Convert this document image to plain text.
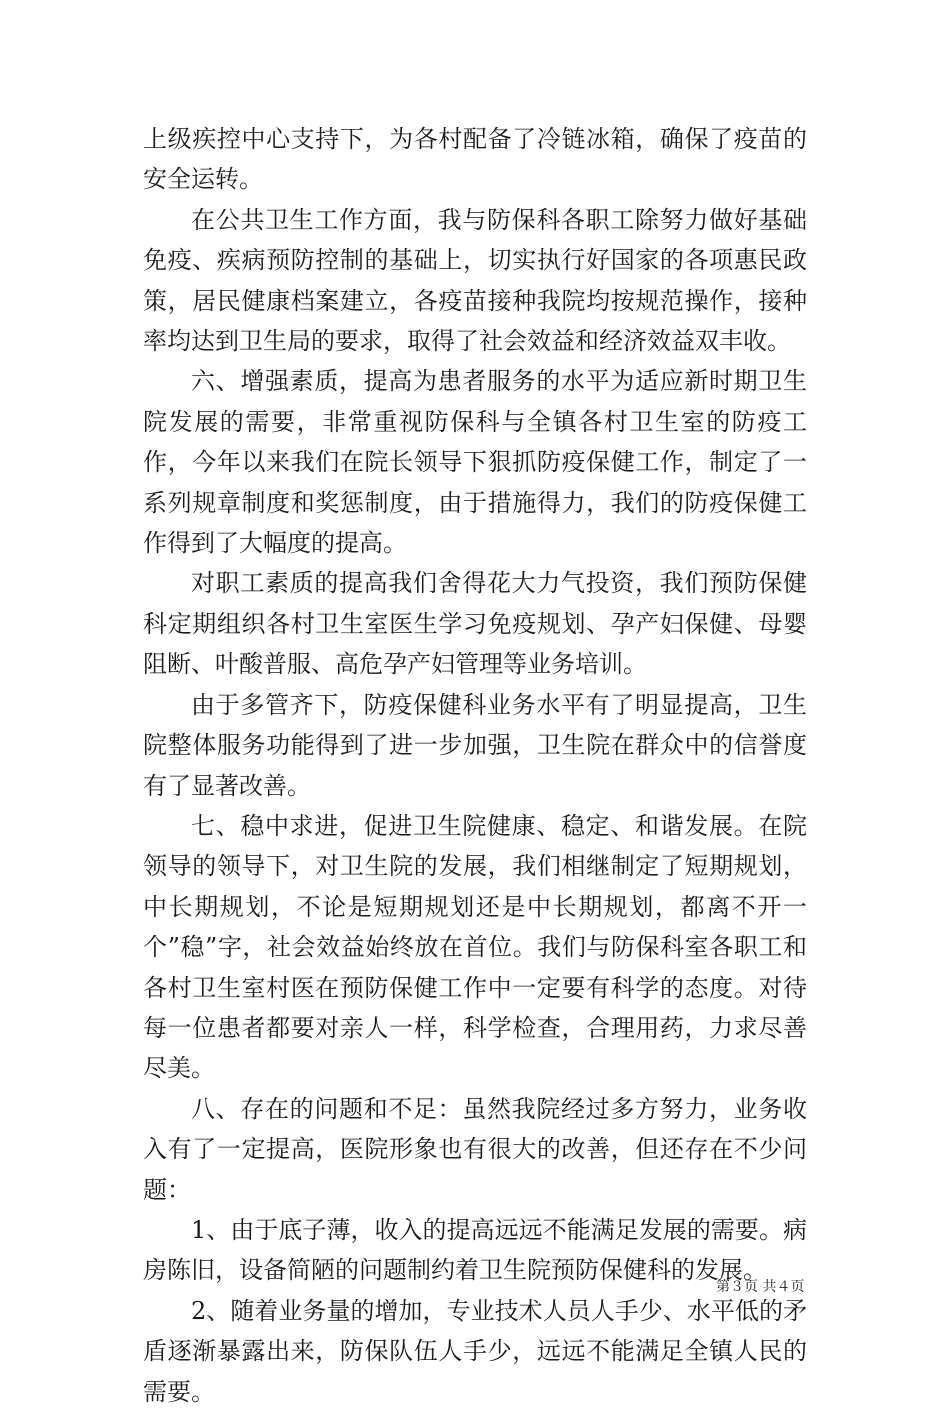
上级疾控中心支持下，为各村配备了冷链冰箱，确保了疫苗的安全运转。

在公共卫生工作方面，我与防保科各职工除努力做好基础免疫、疾病预防控制的基础上，切实执行好国家的各项惠民政策，居民健康档案建立，各疫苗接种我院均按规范操作，接种率均达到卫生局的要求，取得了社会效益和经济效益双丰收。

六、增强素质，提高为患者服务的水平为适应新时期卫生院发展的需要，非常重视防保科与全镇各村卫生室的防疫工作，今年以来我们在院长领导下狠抓防疫保健工作，制定了一系列规章制度和奖惩制度，由于措施得力，我们的防疫保健工作得到了大幅度的提高。

对职工素质的提高我们舍得花大力气投资，我们预防保健科定期组织各村卫生室医生学习免疫规划、孕产妇保健、母婴阻断、叶酸普服、高危孕产妇管理等业务培训。

由于多管齐下，防疫保健科业务水平有了明显提高，卫生院整体服务功能得到了进一步加强，卫生院在群众中的信誉度有了显著改善。

七、稳中求进，促进卫生院健康、稳定、和谐发展。在院领导的领导下，对卫生院的发展，我们相继制定了短期规划，中长期规划，不论是短期规划还是中长期规划，都离不开一个”稳”字，社会效益始终放在首位。我们与防保科室各职工和各村卫生室村医在预防保健工作中一定要有科学的态度。对待每一位患者都要对亲人一样，科学检查，合理用药，力求尽善尽美。

八、存在的问题和不足：虽然我院经过多方努力，业务收入有了一定提高，医院形象也有很大的改善，但还存在不少问题：

1、由于底子薄，收入的提高远远不能满足发展的需要。病房陈旧，设备简陋的问题制约着卫生院预防保健科的发展。

2、随着业务量的增加，专业技术人员人手少、水平低的矛盾逐渐暴露出来，防保队伍人手少，远远不能满足全镇人民的需要。

第３页 共４页
